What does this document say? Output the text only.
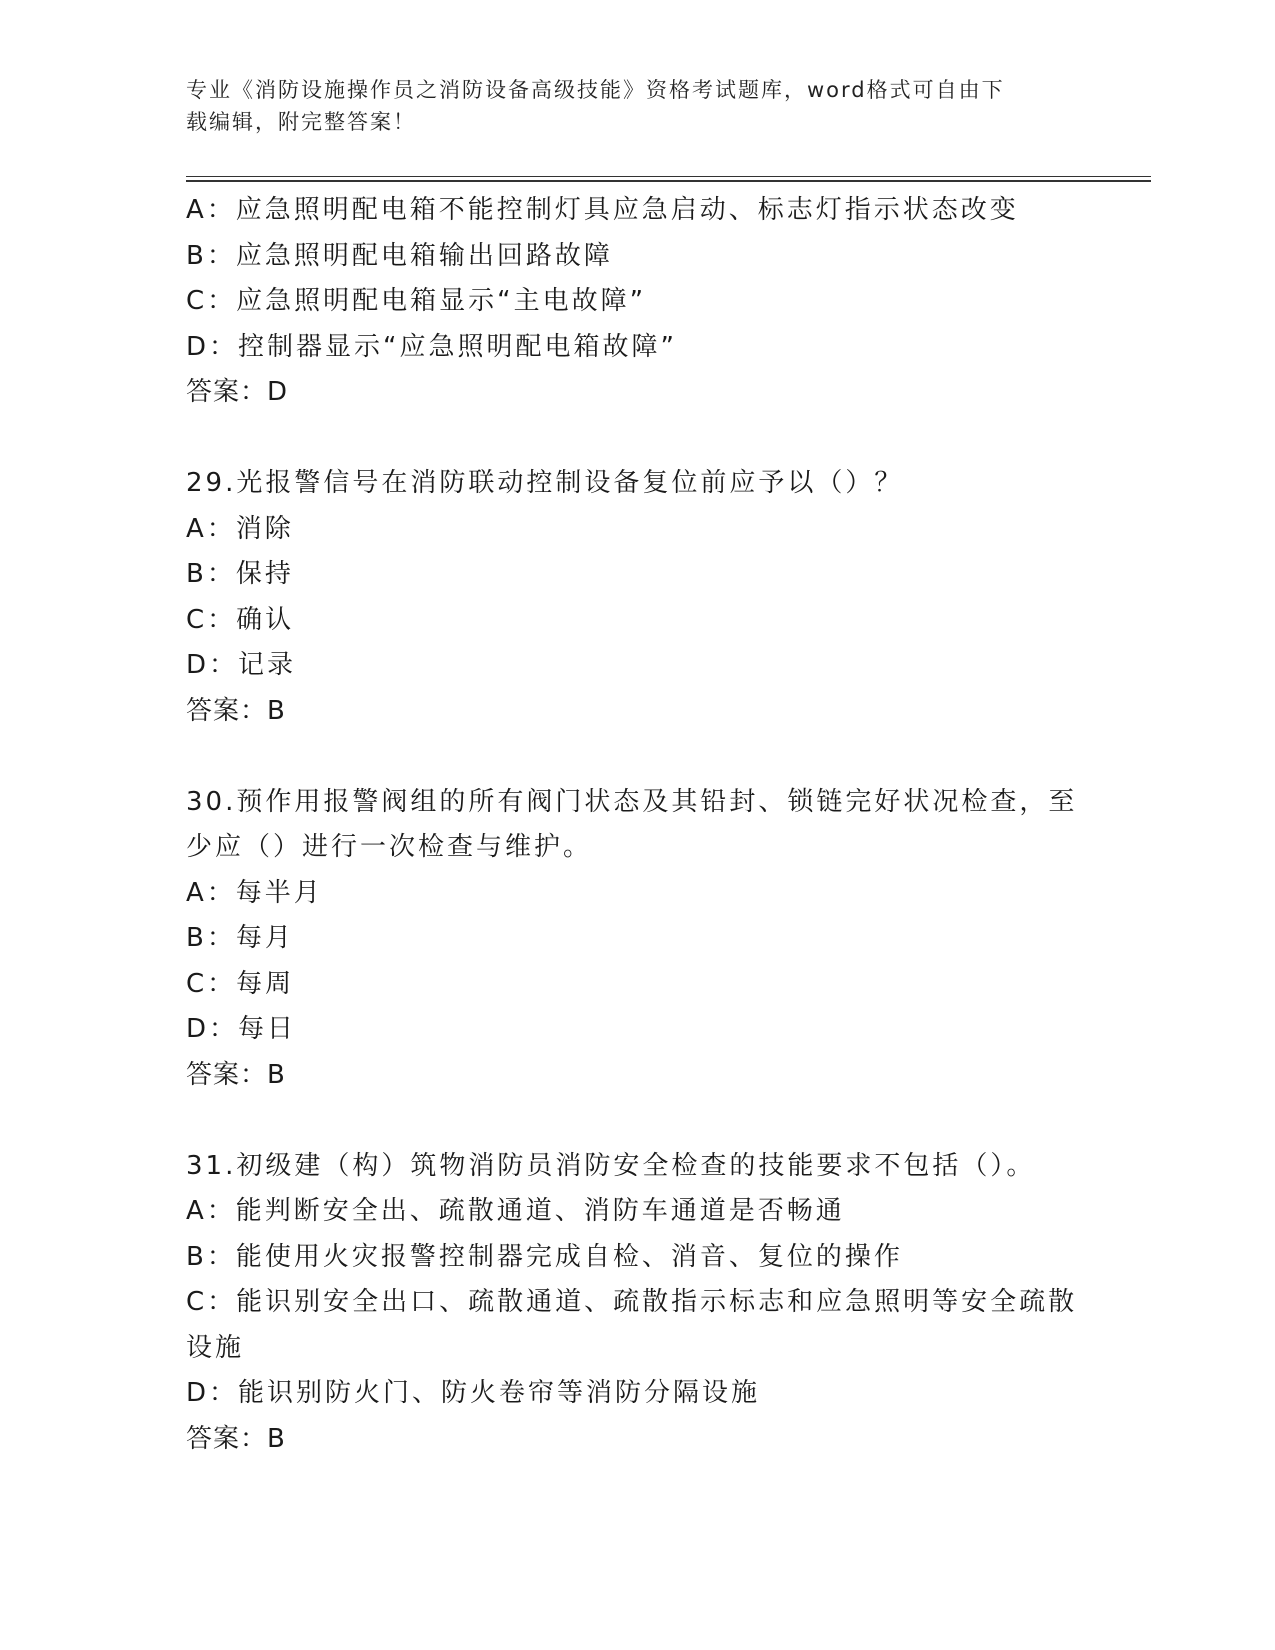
专业《消防设施操作员之消防设备高级技能》资格考试题库，word格式可自由下
载编辑，附完整答案！
A：应急照明配电箱不能控制灯具应急启动、标志灯指示状态改变
B：应急照明配电箱输出回路故障
C：应急照明配电箱显示“主电故障”
D：控制器显示“应急照明配电箱故障”
答案：D
29.光报警信号在消防联动控制设备复位前应予以（）？
A：消除
B：保持
C：确认
D：记录
答案：B
30.预作用报警阀组的所有阀门状态及其铅封、锁链完好状况检查，至
少应（）进行一次检查与维护。
A：每半月
B：每月
C：每周
D：每日
答案：B
31.初级建（构）筑物消防员消防安全检查的技能要求不包括（）。
A：能判断安全出、疏散通道、消防车通道是否畅通
B：能使用火灾报警控制器完成自检、消音、复位的操作
C：能识别安全出口、疏散通道、疏散指示标志和应急照明等安全疏散
设施
D：能识别防火门、防火卷帘等消防分隔设施
答案：B
